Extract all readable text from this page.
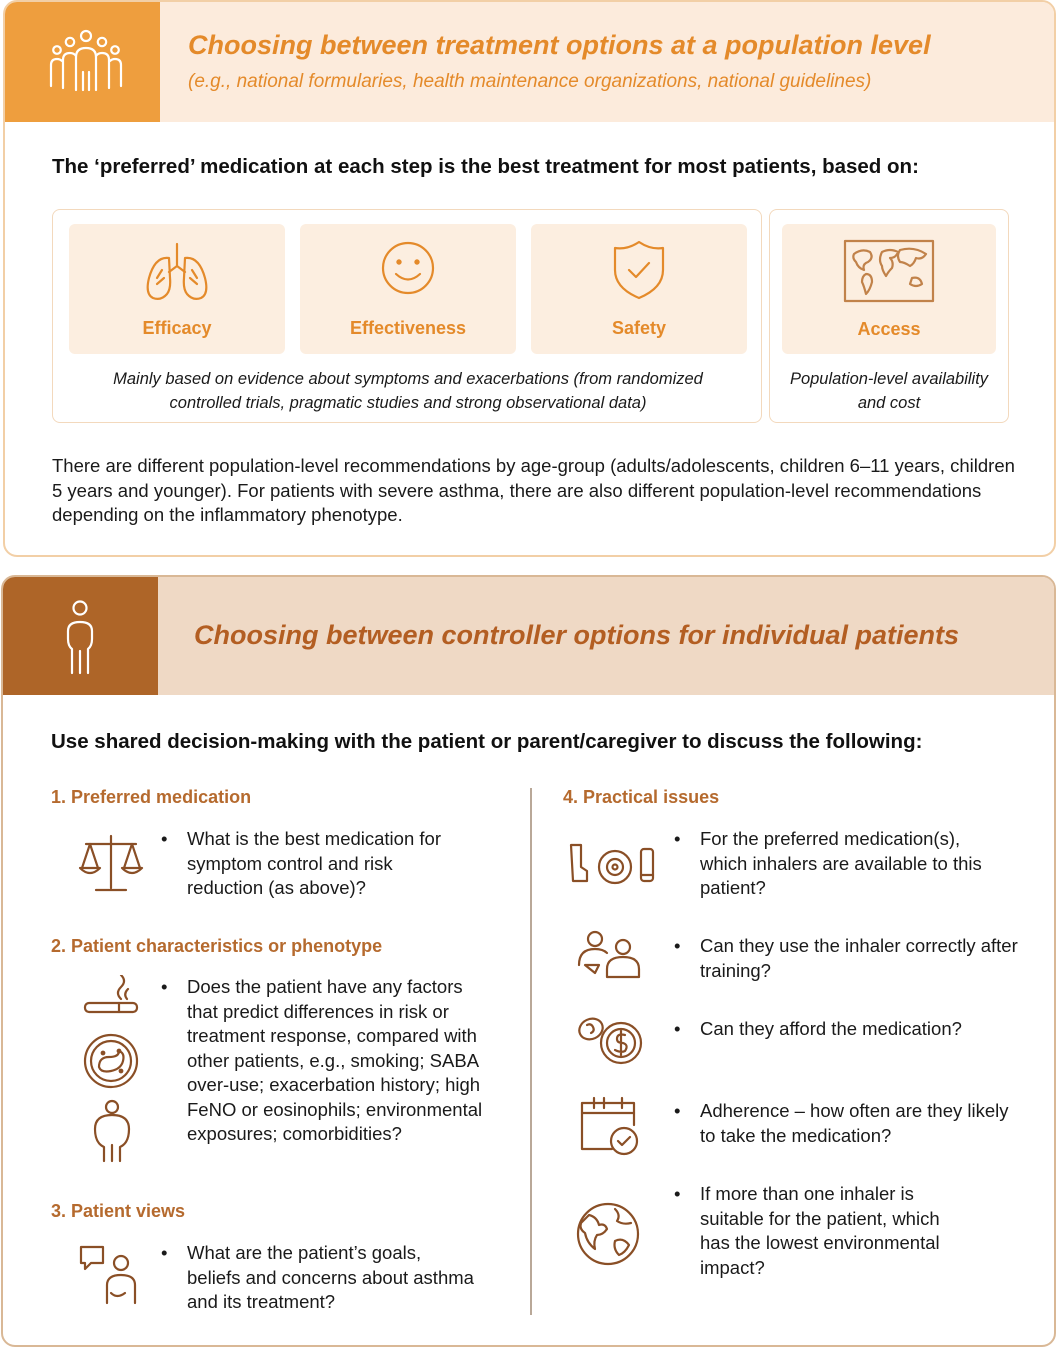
Choosing between treatment options at a population level
(e.g., national formularies, health maintenance organizations, national guidelines)
The ‘preferred’ medication at each step is the best treatment for most patients, based on:
Efficacy	Effectiveness	Safety
Mainly based on evidence about symptoms and exacerbations (from randomized controlled trials, pragmatic studies and strong observational data)
Access
Population-level availability and cost
There are different population-level recommendations by age-group (adults/adolescents, children 6–11 years, children 5 years and younger). For patients with severe asthma, there are also different population-level recommendations depending on the inflammatory phenotype.
Choosing between controller options for individual patients
Use shared decision-making with the patient or parent/caregiver to discuss the following:
1. Preferred medication
• What is the best medication for symptom control and risk reduction (as above)?
2. Patient characteristics or phenotype
• Does the patient have any factors that predict differences in risk or treatment response, compared with other patients, e.g., smoking; SABA over-use; exacerbation history; high FeNO or eosinophils; environmental exposures; comorbidities?
3. Patient views
• What are the patient’s goals, beliefs and concerns about asthma and its treatment?
4. Practical issues
• For the preferred medication(s), which inhalers are available to this patient?
• Can they use the inhaler correctly after training?
• Can they afford the medication?
• Adherence – how often are they likely to take the medication?
• If more than one inhaler is suitable for the patient, which has the lowest environmental impact?
